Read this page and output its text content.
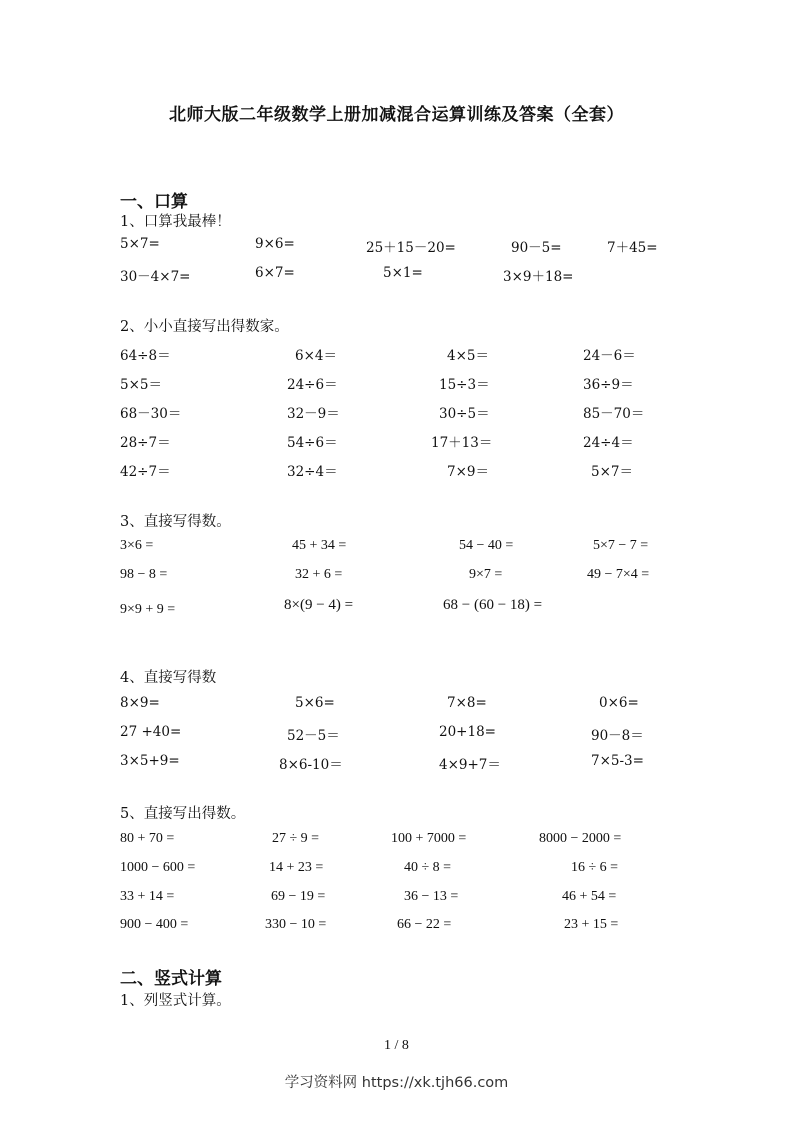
北师大版二年级数学上册加减混合运算训练及答案（全套）
一、口算
1、口算我最棒！
5×7=	9×6=	25＋15－20=	90－5=	7＋45=
30－4×7=	6×7=	5×1=	3×9＋18=
2、小小直接写出得数家。
64÷8＝	6×4＝	4×5＝	24－6＝
5×5＝	24÷6＝	15÷3＝	36÷9＝
68－30＝	32－9＝	30÷5＝	85－70＝
28÷7＝	54÷6＝	17＋13＝	24÷4＝
42÷7＝	32÷4＝	7×9＝	5×7＝
3、直接写得数。
3×6 =	45 + 34 =	54 − 40 =	5×7 − 7 =
98 − 8 =	32 + 6 =	9×7 =	49 − 7×4 =
9×9 + 9 =	8×(9 − 4) =	68 − (60 − 18) =
4、直接写得数
8×9=	5×6=	7×8=	0×6=
27 +40=	52－5＝	20+18=	90－8＝
3×5+9=	8×6-10＝	4×9+7＝	7×5-3=
5、直接写出得数。
80 + 70 =	27 ÷ 9 =	100 + 7000 =	8000 − 2000 =
1000 − 600 =	14 + 23 =	40 ÷ 8 =	16 ÷ 6 =
33 + 14 =	69 − 19 =	36 − 13 =	46 + 54 =
900 − 400 =	330 − 10 =	66 − 22 =	23 + 15 =
二、竖式计算
1、列竖式计算。
1 / 8
学习资料网 https://xk.tjh66.com
